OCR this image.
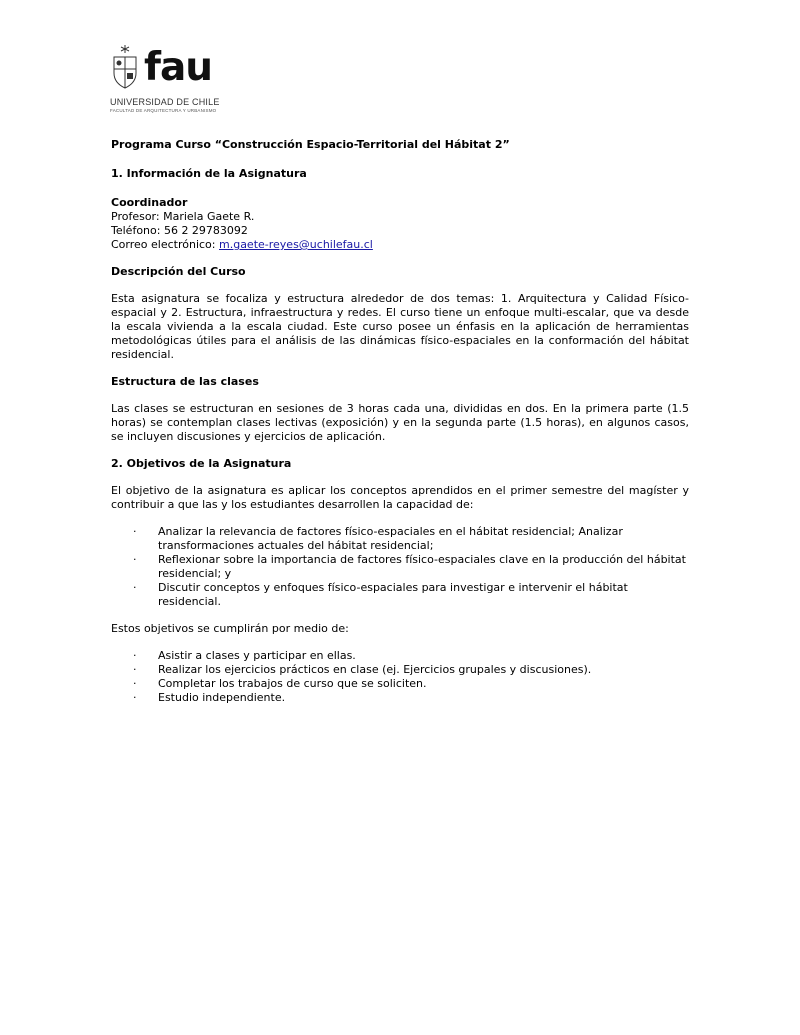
fau
UNIVERSIDAD DE CHILE
FACULTAD DE ARQUITECTURA Y URBANISMO

Programa Curso “Construcción Espacio-Territorial del Hábitat 2”

1. Información de la Asignatura

Coordinador

Profesor: Mariela Gaete R.

Teléfono: 56 2 29783092

Correo electrónico: m.gaete-reyes@uchilefau.cl

Descripción del Curso

Esta asignatura se focaliza y estructura alrededor de dos temas: 1. Arquitectura y Calidad Físico-espacial y 2. Estructura, infraestructura y redes. El curso tiene un enfoque multi-escalar, que va desde la escala vivienda a la escala ciudad. Este curso posee un énfasis en la aplicación de herramientas metodológicas útiles para el análisis de las dinámicas físico-espaciales en la conformación del hábitat residencial.

Estructura de las clases

Las clases se estructuran en sesiones de 3 horas cada una, divididas en dos. En la primera parte (1.5 horas) se contemplan clases lectivas (exposición) y en la segunda parte (1.5 horas), en algunos casos, se incluyen discusiones y ejercicios de aplicación.

2. Objetivos de la Asignatura

El objetivo de la asignatura es aplicar los conceptos aprendidos en el primer semestre del magíster y contribuir a que las y los estudiantes desarrollen la capacidad de:

·	Analizar la relevancia de factores físico-espaciales en el hábitat residencial; Analizar transformaciones actuales del hábitat residencial;
·	Reflexionar sobre la importancia de factores físico-espaciales clave en la producción del hábitat residencial; y
·	Discutir conceptos y enfoques físico-espaciales para investigar e intervenir el hábitat residencial.

Estos objetivos se cumplirán por medio de:

·	Asistir a clases y participar en ellas.
·	Realizar los ejercicios prácticos en clase (ej. Ejercicios grupales y discusiones).
·	Completar los trabajos de curso que se soliciten.
·	Estudio independiente.
